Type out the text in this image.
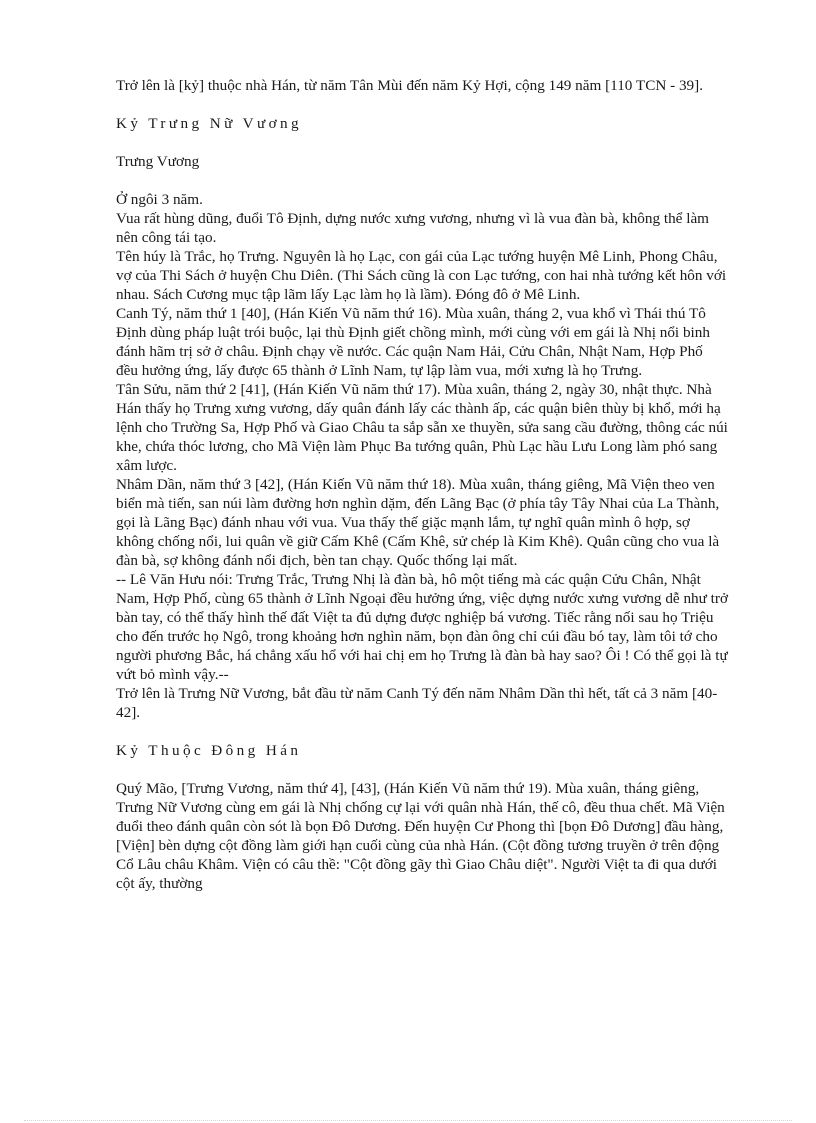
Trở lên là [kỷ] thuộc nhà Hán, từ năm Tân Mùi đến năm Kỷ Hợi, cộng 149 năm [110 TCN - 39].

Kỷ Trưng Nữ Vương

Trưng Vương

Ở ngôi 3 năm.

Vua rất hùng dũng, đuổi Tô Định, dựng nước xưng vương, nhưng vì là vua đàn bà, không thể làm nên công tái tạo.

Tên húy là Trắc, họ Trưng. Nguyên là họ Lạc, con gái của Lạc tướng huyện Mê Linh, Phong Châu, vợ của Thi Sách ở huyện Chu Diên. (Thi Sách cũng là con Lạc tướng, con hai nhà tướng kết hôn với nhau. Sách Cương mục tập lãm lấy Lạc làm họ là lầm). Đóng đô ở Mê Linh.

Canh Tý, năm thứ 1 [40], (Hán Kiến Vũ năm thứ 16). Mùa xuân, tháng 2, vua khổ vì Thái thú Tô Định dùng pháp luật trói buộc, lại thù Định giết chồng mình, mới cùng với em gái là Nhị nổi binh đánh hãm trị sở ở châu. Định chạy về nước. Các quận Nam Hải, Cửu Chân, Nhật Nam, Hợp Phố đều hưởng ứng, lấy được 65 thành ở Lĩnh Nam, tự lập làm vua, mới xưng là họ Trưng.

Tân Sửu, năm thứ 2 [41], (Hán Kiến Vũ năm thứ 17). Mùa xuân, tháng 2, ngày 30, nhật thực. Nhà Hán thấy họ Trưng xưng vương, dấy quân đánh lấy các thành ấp, các quận biên thùy bị khổ, mới hạ lệnh cho Trường Sa, Hợp Phố và Giao Châu ta sắp sẵn xe thuyền, sửa sang cầu đường, thông các núi khe, chứa thóc lương, cho Mã Viện làm Phục Ba tướng quân, Phù Lạc hầu Lưu Long làm phó sang xâm lược.

Nhâm Dần, năm thứ 3 [42], (Hán Kiến Vũ năm thứ 18). Mùa xuân, tháng giêng, Mã Viện theo ven biển mà tiến, san núi làm đường hơn nghìn dặm, đến Lãng Bạc (ở phía tây Tây Nhai của La Thành, gọi là Lãng Bạc) đánh nhau với vua. Vua thấy thế giặc mạnh lắm, tự nghĩ quân mình ô hợp, sợ không chống nổi, lui quân về giữ Cấm Khê (Cấm Khê, sử chép là Kim Khê). Quân cũng cho vua là đàn bà, sợ không đánh nổi địch, bèn tan chạy. Quốc thống lại mất.

-- Lê Văn Hưu nói: Trưng Trắc, Trưng Nhị là đàn bà, hô một tiếng mà các quận Cửu Chân, Nhật Nam, Hợp Phố, cùng 65 thành ở Lĩnh Ngoại đều hưởng ứng, việc dựng nước xưng vương dễ như trở bàn tay, có thể thấy hình thế đất Việt ta đủ dựng được nghiệp bá vương. Tiếc rằng nối sau họ Triệu cho đến trước họ Ngô, trong khoảng hơn nghìn năm, bọn đàn ông chỉ cúi đầu bó tay, làm tôi tớ cho người phương Bắc, há chẳng xấu hổ với hai chị em họ Trưng là đàn bà hay sao? Ôi ! Có thể gọi là tự vứt bỏ mình vậy.--

Trở lên là Trưng Nữ Vương, bắt đầu từ năm Canh Tý đến năm Nhâm Dần thì hết, tất cả 3 năm [40-42].

Kỷ Thuộc Đông Hán

Quý Mão, [Trưng Vương, năm thứ 4], [43], (Hán Kiến Vũ năm thứ 19). Mùa xuân, tháng giêng, Trưng Nữ Vương cùng em gái là Nhị chống cự lại với quân nhà Hán, thế cô, đều thua chết. Mã Viện đuổi theo đánh quân còn sót là bọn Đô Dương. Đến huyện Cư Phong thì [bọn Đô Dương] đầu hàng, [Viện] bèn dựng cột đồng làm giới hạn cuối cùng của nhà Hán. (Cột đồng tương truyền ở trên động Cổ Lâu châu Khâm. Viện có câu thề: "Cột đồng gãy thì Giao Châu diệt". Người Việt ta đi qua dưới cột ấy, thường
